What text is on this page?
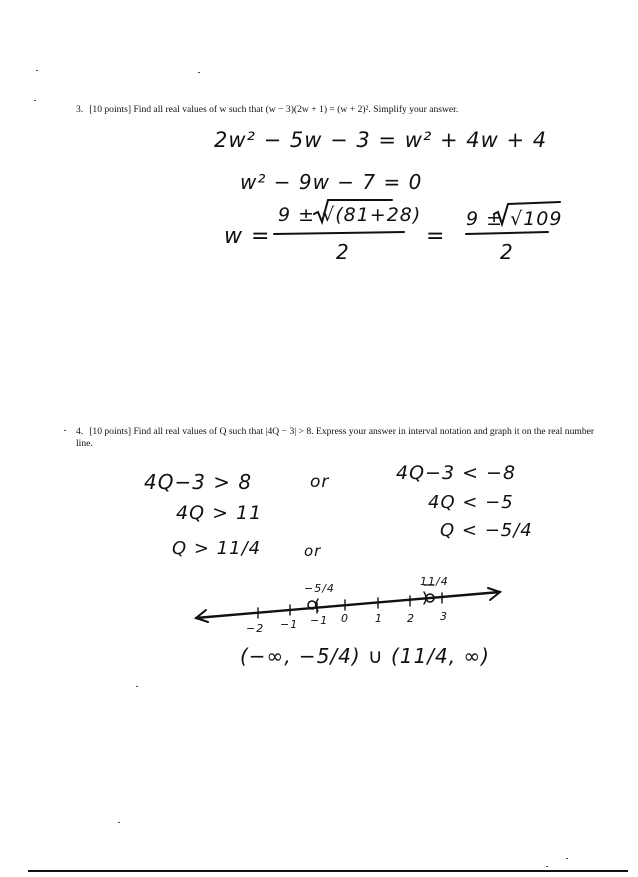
3. [10 points] Find all real values of w such that (w − 3)(2w + 1) = (w + 2)². Simplify your answer.
2w² − 5w − 3 = w² + 4w + 4
w² − 9w − 7 = 0
w =
9 ± √(81+28)
2
=
9 ± √109
2
4. [10 points] Find all real values of Q such that |4Q − 3| > 8. Express your answer in interval notation and graph it on the real number line.
4Q−3 > 8	or	4Q−3 < −8
4Q > 11	4Q < −5
Q > 11/4	or
Q < −5/4
−5/4
11/4
−2 −1 −1 0 1 2 3
(−∞, −5/4) ∪ (11/4, ∞)
